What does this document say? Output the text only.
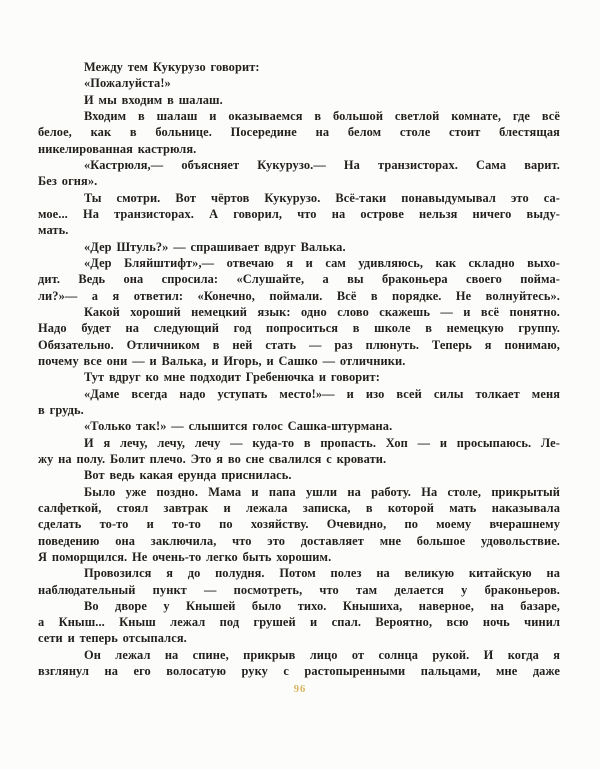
Между тем Кукурузо говорит:
«Пожалуйста!»
И мы входим в шалаш.
Входим в шалаш и оказываемся в большой светлой комнате, где всё
белое, как в больнице. Посередине на белом столе стоит блестящая
никелированная кастрюля.
«Кастрюля,— объясняет Кукурузо.— На транзисторах. Сама варит.
Без огня».
Ты смотри. Вот чёртов Кукурузо. Всё-таки понавыдумывал это са-
мое... На транзисторах. А говорил, что на острове нельзя ничего выду-
мать.
«Дер Штуль?» — спрашивает вдруг Валька.
«Дер Бляйштифт»,— отвечаю я и сам удивляюсь, как складно выхо-
дит. Ведь она спросила: «Слушайте, а вы браконьера своего пойма-
ли?»— а я ответил: «Конечно, поймали. Всё в порядке. Не волнуйтесь».
Какой хороший немецкий язык: одно слово скажешь — и всё понятно.
Надо будет на следующий год попроситься в школе в немецкую группу.
Обязательно. Отличником в ней стать — раз плюнуть. Теперь я понимаю,
почему все они — и Валька, и Игорь, и Сашко — отличники.
Тут вдруг ко мне подходит Гребенючка и говорит:
«Даме всегда надо уступать место!»— и изо всей силы толкает меня
в грудь.
«Только так!» — слышится голос Сашка-штурмана.
И я лечу, лечу, лечу — куда-то в пропасть. Хоп — и просыпаюсь. Ле-
жу на полу. Болит плечо. Это я во сне свалился с кровати.
Вот ведь какая ерунда приснилась.
Было уже поздно. Мама и папа ушли на работу. На столе, прикрытый
салфеткой, стоял завтрак и лежала записка, в которой мать наказывала
сделать то-то и то-то по хозяйству. Очевидно, по моему вчерашнему
поведению она заключила, что это доставляет мне большое удовольствие.
Я поморщился. Не очень-то легко быть хорошим.
Провозился я до полудня. Потом полез на великую китайскую на
наблюдательный пункт — посмотреть, что там делается у браконьеров.
Во дворе у Кнышей было тихо. Кнышиха, наверное, на базаре,
а Кныш... Кныш лежал под грушей и спал. Вероятно, всю ночь чинил
сети и теперь отсыпался.
Он лежал на спине, прикрыв лицо от солнца рукой. И когда я
взглянул на его волосатую руку с растопыренными пальцами, мне даже
96
